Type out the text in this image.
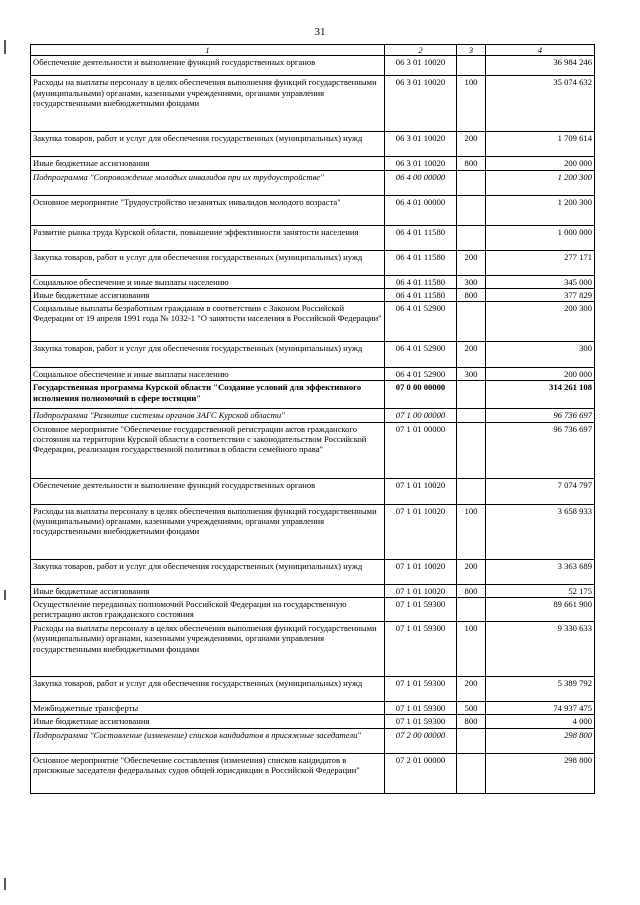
31
1	2	3	4
Обеспечение деятельности и выполнение функций государственных органов	06 3 01 10020		36 984 246
Расходы на выплаты персоналу в целях обеспечения выполнения функций государственными (муниципальными) органами, казенными учреждениями, органами управления государственными внебюджетными фондами	06 3 01 10020	100	35 074 632
Закупка товаров, работ и услуг для обеспечения государственных (муниципальных) нужд	06 3 01 10020	200	1 709 614
Иные бюджетные ассигнования	06 3 01 10020	800	200 000
Подпрограмма "Сопровождение молодых инвалидов при их трудоустройстве"	06 4 00 00000		1 200 300
Основное мероприятие "Трудоустройство незанятых инвалидов молодого возраста"	06 4 01 00000		1 200 300
Развитие рынка труда Курской области, повышение эффективности занятости населения	06 4 01 11580		1 000 000
Закупка товаров, работ и услуг для обеспечения государственных (муниципальных) нужд	06 4 01 11580	200	277 171
Социальное обеспечение и иные выплаты населению	06 4 01 11580	300	345 000
Иные бюджетные ассигнования	06 4 01 11580	800	377 829
Социальные выплаты безработным гражданам в соответствии с Законом Российской Федерации от 19 апреля 1991 года № 1032-1 "О занятости населения в Российской Федерации"	06 4 01 52900		200 300
Закупка товаров, работ и услуг для обеспечения государственных (муниципальных) нужд	06 4 01 52900	200	300
Социальное обеспечение и иные выплаты населению	06 4 01 52900	300	200 000
Государственная программа Курской области "Создание условий для эффективного исполнения полномочий в сфере юстиции"	07 0 00 00000		314 261 108
Подпрограмма "Развитие системы органов ЗАГС Курской области"	07 1 00 00000		96 736 697
Основное мероприятие "Обеспечение государственной регистрации актов гражданского состояния на территории Курской области в соответствии с законодательством Российской Федерации, реализация государственной политики в области семейного права"	07 1 01 00000		96 736 697
Обеспечение деятельности и выполнение функций государственных органов	07 1 01 10020		7 074 797
Расходы на выплаты персоналу в целях обеспечения выполнения функций государственными (муниципальными) органами, казенными учреждениями, органами управления государственными внебюджетными фондами	07 1 01 10020	100	3 658 933
Закупка товаров, работ и услуг для обеспечения государственных (муниципальных) нужд	07 1 01 10020	200	3 363 689
Иные бюджетные ассигнования	07 1 01 10020	800	52 175
Осуществление переданных полномочий Российской Федерации на государственную регистрацию актов гражданского состояния	07 1 01 59300		89 661 900
Расходы на выплаты персоналу в целях обеспечения выполнения функций государственными (муниципальными) органами, казенными учреждениями, органами управления государственными внебюджетными фондами	07 1 01 59300	100	9 330 633
Закупка товаров, работ и услуг для обеспечения государственных (муниципальных) нужд	07 1 01 59300	200	5 389 792
Межбюджетные трансферты	07 1 01 59300	500	74 937 475
Иные бюджетные ассигнования	07 1 01 59300	800	4 000
Подпрограмма "Составление (изменение) списков кандидатов в присяжные заседатели"	07 2 00 00000		298 800
Основное мероприятие "Обеспечение составления (изменения) списков кандидатов в присяжные заседатели федеральных судов общей юрисдикции в Российской Федерации"	07 2 01 00000		298 800
